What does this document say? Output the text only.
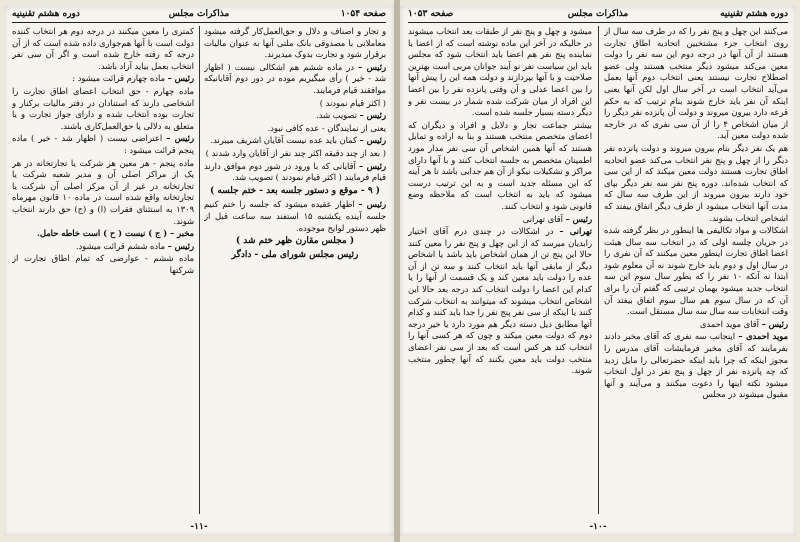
صفحه ۱۰۵۴
مذاکرات مجلس
دوره هشتم تقنینیه

و تجار و اصناف و دلال و حق‌العمل‌کار گرفته میشود معاملاتی با مصدوقی بانک ملتی آنها به عنوان مالیات برقرار شود و تجارت بدوک میدیرند.

رئیس – در ماده ششم هم اشکالی نیست ( اظهار شد - خیر ) رأی میگیریم موده در دور دوم آقایانیکه موافقند قیام فرمایند.

( اکثر قیام نمودند )

رئیس – تصویب شد.

یعنی از نمایندگان - عده کافی نبود.

رئیس – کمان باید عده نیست آقایان اشریف میبرند.

( بعد از چند دقیقه اکثر چند نفر از آقایان وارد شدند )

رئیس – آقایانی که با ورود در شور دوم موافق دارند قیام فرمایند ( اکثر قیام نمودند ) تصویب شد.

( ۹ - موقع و دستور جلسه بعد - ختم جلسه )

رئیس – اظهار عقیده میشود که جلسه را ختم کنیم جلسه آینده یکشنبه ۱۵ استفند سه ساعت قبل از ظهر دستور لوایح موجوده.

( مجلس مقارن ظهر ختم شد )

رئیس مجلس شورای ملی - دادگر

کمتری را معین میکنند در درجه دوم هر انتخاب کننده دولت است با آنها هم‌جواری داده شده است که از آن درجه که رفته خارج شده است و اگر آن سی نفر انتخاب بعمل بیاید آزاد باشد.

رئیس – ماده چهارم قرائت میشود :

ماده چهارم - حق انتخاب اعضای اطاق تجارت را اشخاصی دارند که استنادان در دفتر مالیات برکنار و تجارت بوده انتخاب شده و دارای جواز تجارت و یا متعلق به دلالی یا حق‌العمل‌کاری باشند.

رئیس – اعتراضی نیست ( اظهار شد - خیر ) ماده پنجم قرائت میشود :

ماده پنجم - هر معین هر شرکت یا تجارتخانه در هر یک از مراکز اصلی آن و مدیر شعبه شرکت یا تجارتخانه در غیر از آن مرکز اصلی آن شرکت یا تجارتخانه واقع شده است در ماده ۱۰ قانون مهرماه ۱۳۰۹ به استثنای فقرات (ا) و (ج) حق دارند انتخاب شوند.

مخبر – ( ج ) نیست ( ح ) است خاطه حامل.

رئیس – ماده ششم قرائت میشود.

ماده ششم - عوارضی که تمام اطاق تجارت از شرکتها

-۱۱-
دوره هشتم تقنینیه
مذاکرات مجلس
صفحه ۱۰۵۳

می‌کنند این چهل و پنج نفر را که در طرف سه سال از روی انتخاب جزء مشتخبین اتحادیه اطاق تجارت هستند از آن آنها در درجه دوم این سه نفر را دولت معین می‌کند میشود دیگر منتخب هستند ولی عضو اصطلاح تجارت نیستند یعنی انتخاب دوم آنها بعمل می‌آید انتخاب است در آخر سال اول لکن آنها یعنی اینکه آن نفر باید خارج شوند بنام ترتیب که به حکم قرعه دارد بیرون میروند و دولت آن پانزده نفر دیگر را از میان اشخاص ۴ را از آن سی نفری که در خارجه شده دولت معین آید.

هم یک نفر دیگر بنام بیرون میروند و دولت پانزده نفر دیگر را از چهل و پنج نفر انتخاب می‌کند عضو اتحادیه اطاق تجارت هستند دولت معین میکند که از این سی که انتخاب شده‌اند. دوره پنج نفر سه نفر دیگر بپای خود دارند بیرون میروند از این طرف سه سال که مدت آنها انتخاب میشود از طرف دیگر اتفاق بیفتد که اشخاص انتخاب بشوند.

اشکالات و مواد تکالیفی ها اینطور در نظر گرفته شده در جریان چلسه اولی که در انتخاب سه سال هیئت اعضا اطاق تجارت اینطور معین میکنند که آن نفری را در سال اول و دوم باید خارج شوند نه آن معلوم شود ابتدا نه آنکه ۱۰ نفر را که بطور سال سوم این سه انتخاب جدید میشود بهمان ترتیبی که گفتم آن را برای آن که در سال سوم هم سال سوم اتفاق بیفتد آن وقت انتخابات سه سال سه سال مستقل است.

رئیس – آقای موید احمدی

موید احمدی – اینجانب سه نفری که آقای مخبر دادند بفرمایند که آقای مخبر فرمایشات آقای مدرس را مجوز اینکه که چرا باید اینکه حضرتعالی را مایل زدید که چه پانزده نفر از چهل و پنج نفر در اول انتخاب میشود نکته اینها را دعوت میکنند و می‌آیند و آنها مقبول میشوند در مجلس

میشود و چهل و پنج نفر از طبقات بعد انتخاب میشوند در حالیکه در آخر این ماده نوشته است که از اعضا یا نماینده پنج نفر هم اعضا باید انتخاب شود که مجلس باید این سیاست نفر نو آیند جوانان مربی است بهترین صلاحیت و با آنها بپردازند و دولت همه این را پیش آنها را بین اعضا عدلی و آن وقتی پانزده نفر را بین اعضا این افراد از میان شرکت شده شمار در بیست نفر و دیگر دسته بسیار جلسه شده است.

بیشتر جماعت تجار و دلایل و افراد و دیگران که اعضای متخصص منتخب هستند و بنا به اراده و تمایل هستند که آنها همین اشخاص آن سی نفر مدار مورد اطمینان متخصص به جلسه انتخاب کنند و با آنها دارای مراکز و تشکیلات نیکو از آن هم جدایی باشد تا هر آینه که این مسئله جدید است و به این ترتیب درست میشود که باید به انتخاب است که ملاحظه وضع قانونی شود و انتخاب کنند.

رئیس – آقای تهرانی

تهرانی – در اشکالات در چندی درم آقای اختیار رابدیان میرسد که از این چهل و پنج نفر را معین کنند حالا این پنج تن از همان اشخاص باید باشد یا اشخاص دیگر از مابقی آنها باید انتخاب کنند و سه تن از آن عده را دولت باید معین کند و یک قسمت از آنها را یا کدام این اعضا را دولت انتخاب کند درجه بعد حالا این اشخاص انتخاب میشوند که میتوانند به انتخاب شرکت کنند یا اینکه از سی نفر پنج نفر را جدا باید کنند و کدام آنها مطابق ذیل دسته دیگر هم مورد دارد یا خیر درجه دوم که دولت معین میکند و چون که هر کسی آنها را انتخاب کند هر کس است که بعد از سی نفر اعضای منتخب دولت باید معین بکنند که آنها چطور منتخب شوند.

-۱۰-
